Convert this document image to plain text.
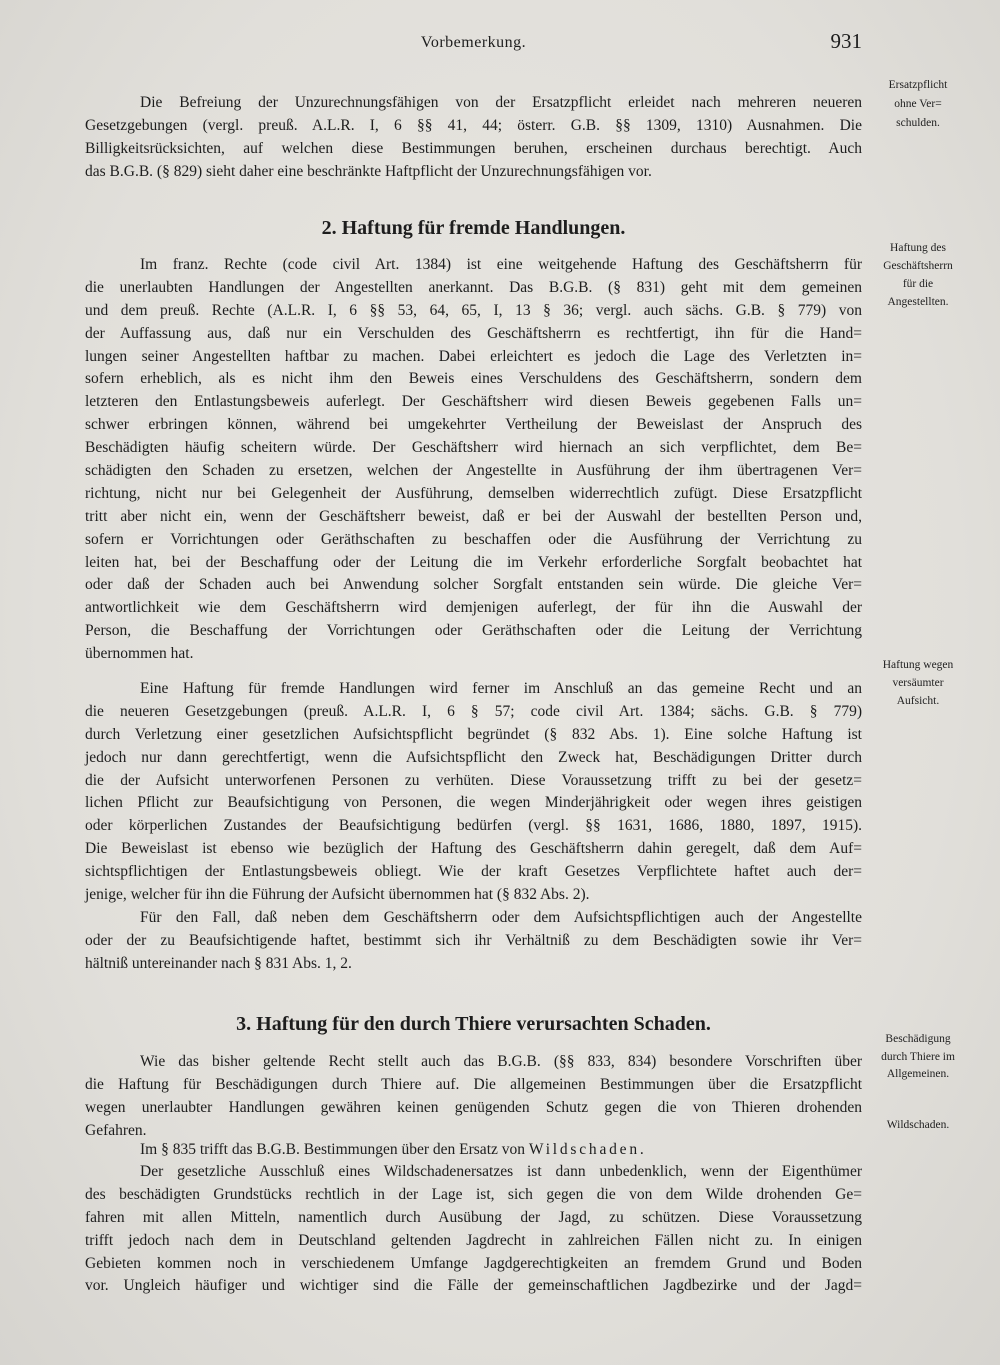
Vorbemerkung.	931
Die Befreiung der Unzurechnungsfähigen von der Ersatzpflicht erleidet nach mehreren neueren
Gesetzgebungen (vergl. preuß. A.L.R. I, 6 §§ 41, 44; österr. G.B. §§ 1309, 1310) Ausnahmen. Die
Billigkeitsrücksichten, auf welchen diese Bestimmungen beruhen, erscheinen durchaus berechtigt. Auch
das B.G.B. (§ 829) sieht daher eine beschränkte Haftpflicht der Unzurechnungsfähigen vor.
Ersatzpflicht
ohne Ver=
schulden.
2. Haftung für fremde Handlungen.
Im franz. Rechte (code civil Art. 1384) ist eine weitgehende Haftung des Geschäftsherrn für
die unerlaubten Handlungen der Angestellten anerkannt. Das B.G.B. (§ 831) geht mit dem gemeinen
und dem preuß. Rechte (A.L.R. I, 6 §§ 53, 64, 65, I, 13 § 36; vergl. auch sächs. G.B. § 779) von
der Auffassung aus, daß nur ein Verschulden des Geschäftsherrn es rechtfertigt, ihn für die Hand=
lungen seiner Angestellten haftbar zu machen. Dabei erleichtert es jedoch die Lage des Verletzten in=
sofern erheblich, als es nicht ihm den Beweis eines Verschuldens des Geschäftsherrn, sondern dem
letzteren den Entlastungsbeweis auferlegt. Der Geschäftsherr wird diesen Beweis gegebenen Falls un=
schwer erbringen können, während bei umgekehrter Vertheilung der Beweislast der Anspruch des
Beschädigten häufig scheitern würde. Der Geschäftsherr wird hiernach an sich verpflichtet, dem Be=
schädigten den Schaden zu ersetzen, welchen der Angestellte in Ausführung der ihm übertragenen Ver=
richtung, nicht nur bei Gelegenheit der Ausführung, demselben widerrechtlich zufügt. Diese Ersatzpflicht
tritt aber nicht ein, wenn der Geschäftsherr beweist, daß er bei der Auswahl der bestellten Person und,
sofern er Vorrichtungen oder Geräthschaften zu beschaffen oder die Ausführung der Verrichtung zu
leiten hat, bei der Beschaffung oder der Leitung die im Verkehr erforderliche Sorgfalt beobachtet hat
oder daß der Schaden auch bei Anwendung solcher Sorgfalt entstanden sein würde. Die gleiche Ver=
antwortlichkeit wie dem Geschäftsherrn wird demjenigen auferlegt, der für ihn die Auswahl der
Person, die Beschaffung der Vorrichtungen oder Geräthschaften oder die Leitung der Verrichtung
übernommen hat.
Haftung des
Geschäftsherrn
für die
Angestellten.
Eine Haftung für fremde Handlungen wird ferner im Anschluß an das gemeine Recht und an
die neueren Gesetzgebungen (preuß. A.L.R. I, 6 § 57; code civil Art. 1384; sächs. G.B. § 779)
durch Verletzung einer gesetzlichen Aufsichtspflicht begründet (§ 832 Abs. 1). Eine solche Haftung ist
jedoch nur dann gerechtfertigt, wenn die Aufsichtspflicht den Zweck hat, Beschädigungen Dritter durch
die der Aufsicht unterworfenen Personen zu verhüten. Diese Voraussetzung trifft zu bei der gesetz=
lichen Pflicht zur Beaufsichtigung von Personen, die wegen Minderjährigkeit oder wegen ihres geistigen
oder körperlichen Zustandes der Beaufsichtigung bedürfen (vergl. §§ 1631, 1686, 1880, 1897, 1915).
Die Beweislast ist ebenso wie bezüglich der Haftung des Geschäftsherrn dahin geregelt, daß dem Auf=
sichtspflichtigen der Entlastungsbeweis obliegt. Wie der kraft Gesetzes Verpflichtete haftet auch der=
jenige, welcher für ihn die Führung der Aufsicht übernommen hat (§ 832 Abs. 2).
Haftung wegen
versäumter
Aufsicht.
Für den Fall, daß neben dem Geschäftsherrn oder dem Aufsichtspflichtigen auch der Angestellte
oder der zu Beaufsichtigende haftet, bestimmt sich ihr Verhältniß zu dem Beschädigten sowie ihr Ver=
hältniß untereinander nach § 831 Abs. 1, 2.
3. Haftung für den durch Thiere verursachten Schaden.
Wie das bisher geltende Recht stellt auch das B.G.B. (§§ 833, 834) besondere Vorschriften über
die Haftung für Beschädigungen durch Thiere auf. Die allgemeinen Bestimmungen über die Ersatzpflicht
wegen unerlaubter Handlungen gewähren keinen genügenden Schutz gegen die von Thieren drohenden
Gefahren.
Beschädigung
durch Thiere im
Allgemeinen.
Im § 835 trifft das B.G.B. Bestimmungen über den Ersatz von Wildschaden.
Wildschaden.
Der gesetzliche Ausschluß eines Wildschadenersatzes ist dann unbedenklich, wenn der Eigenthümer
des beschädigten Grundstücks rechtlich in der Lage ist, sich gegen die von dem Wilde drohenden Ge=
fahren mit allen Mitteln, namentlich durch Ausübung der Jagd, zu schützen. Diese Voraussetzung
trifft jedoch nach dem in Deutschland geltenden Jagdrecht in zahlreichen Fällen nicht zu. In einigen
Gebieten kommen noch in verschiedenem Umfange Jagdgerechtigkeiten an fremdem Grund und Boden
vor. Ungleich häufiger und wichtiger sind die Fälle der gemeinschaftlichen Jagdbezirke und der Jagd=
